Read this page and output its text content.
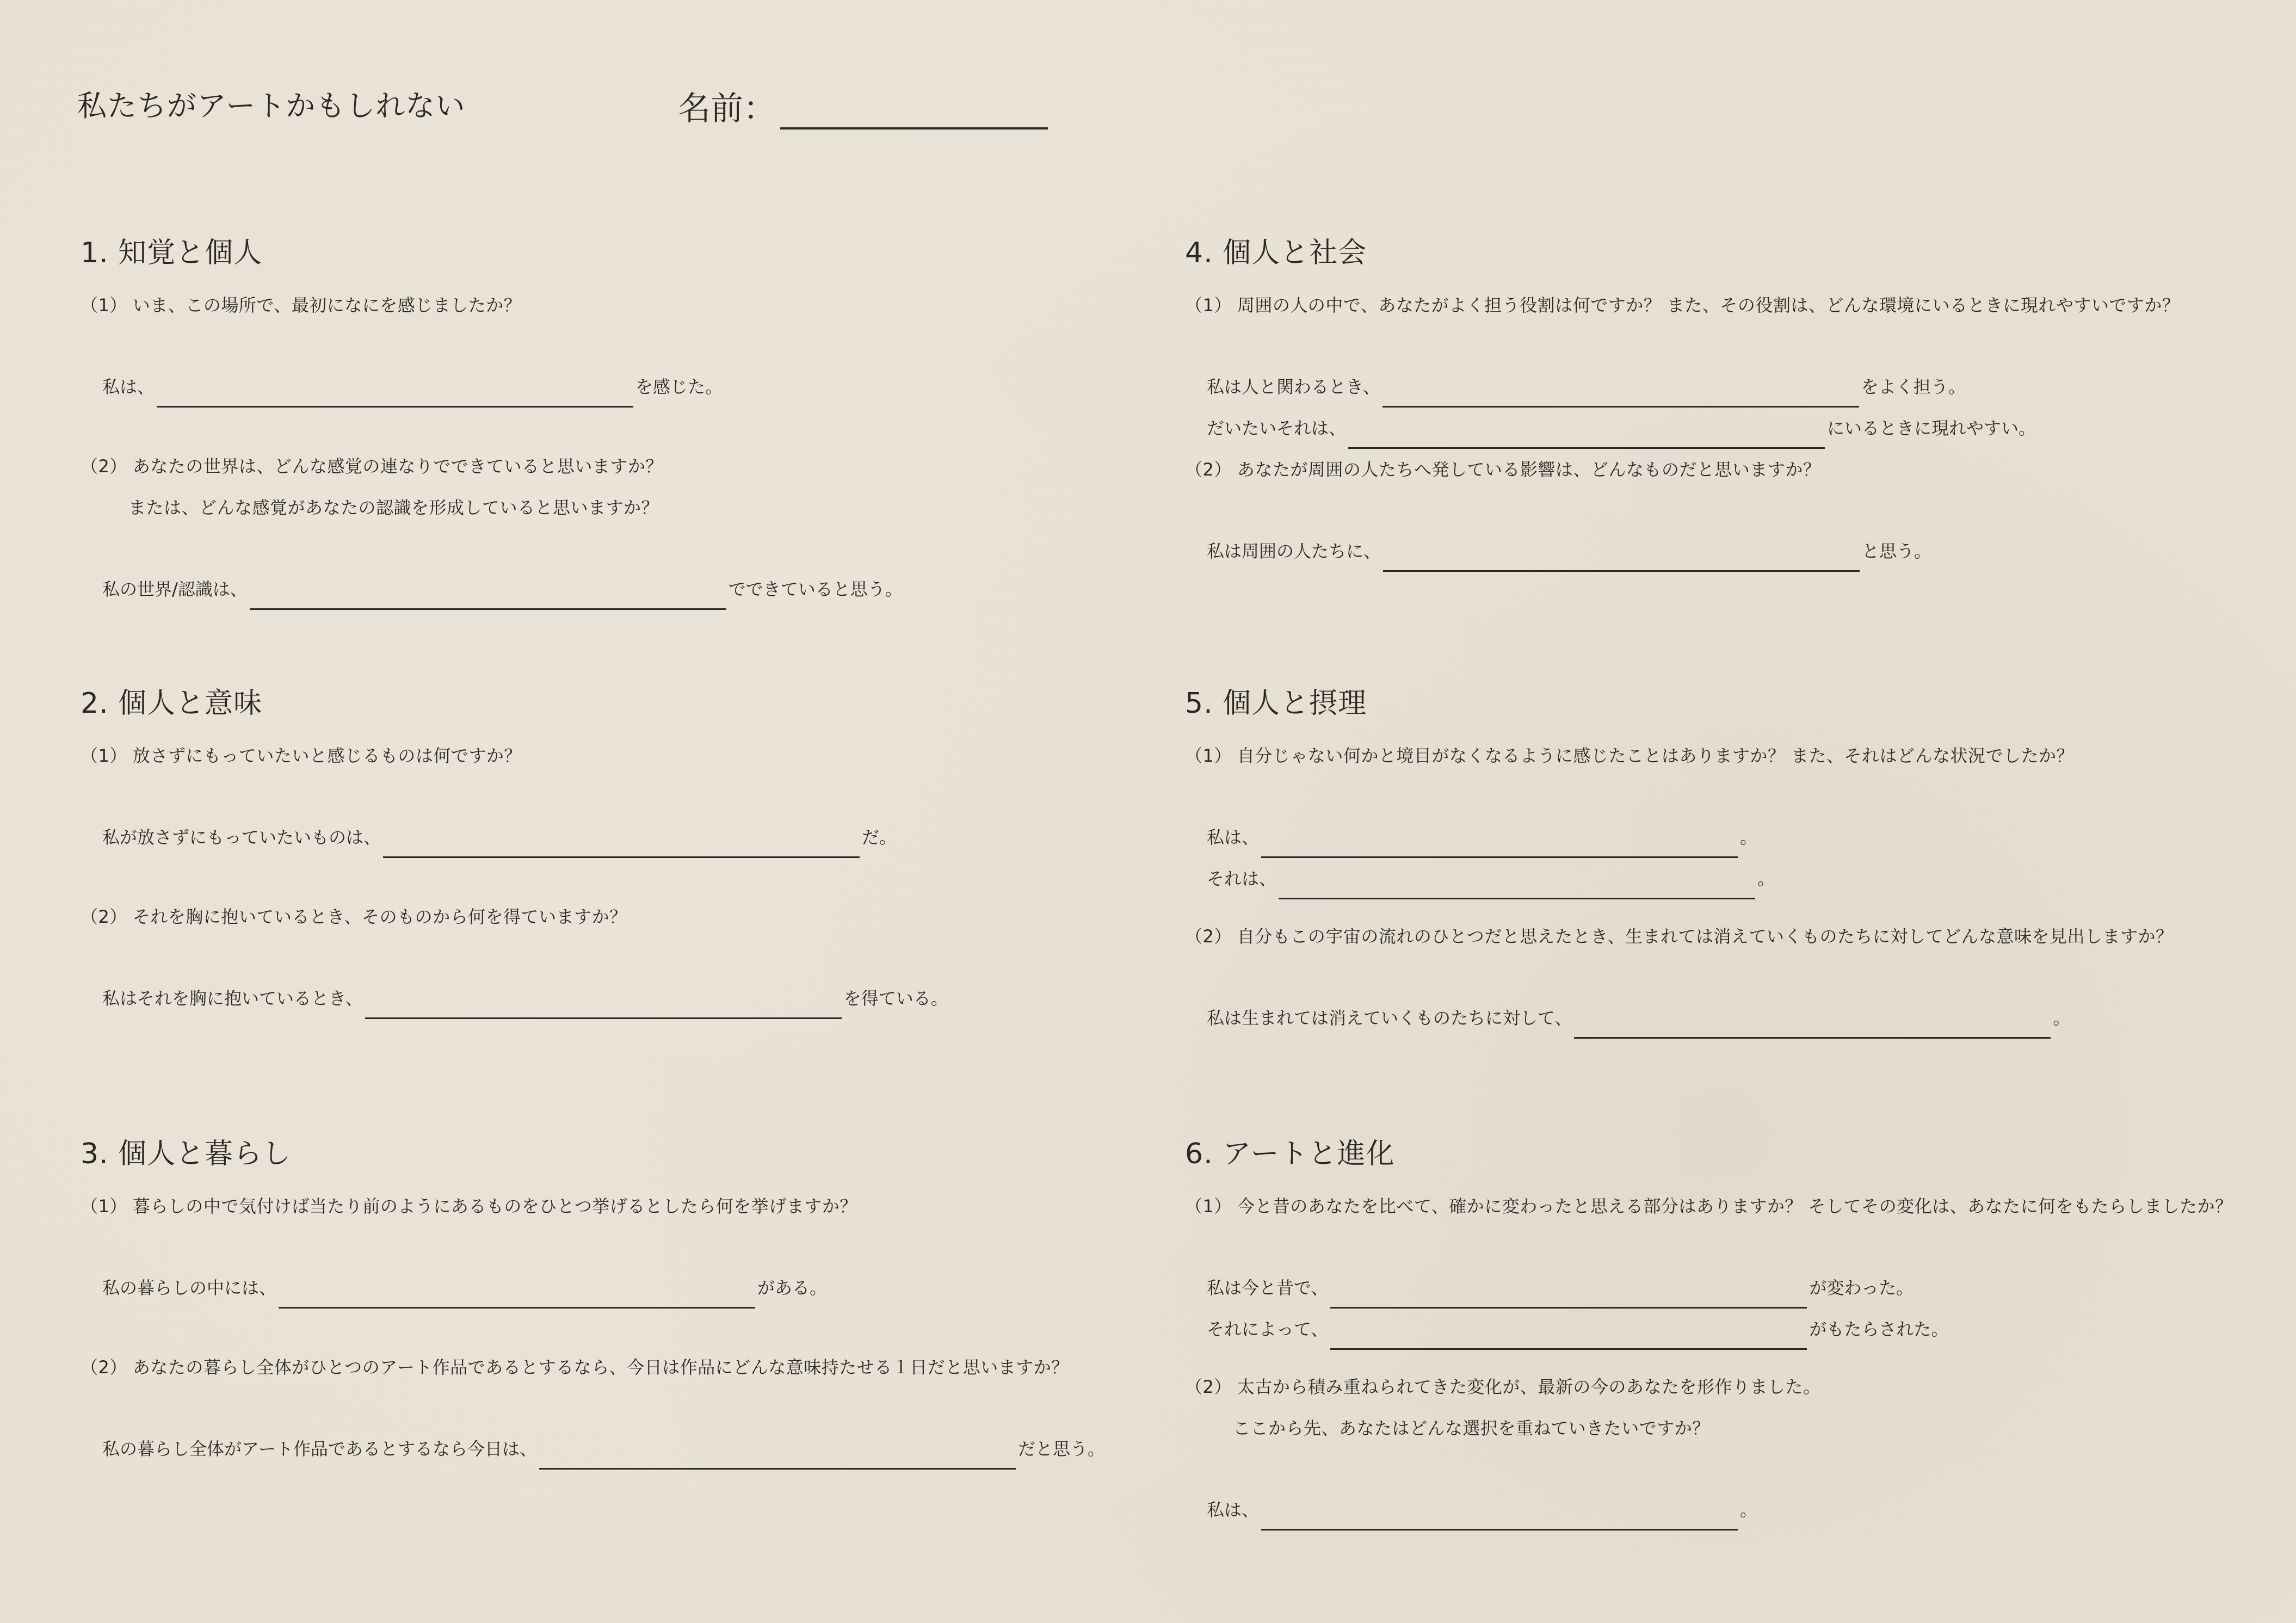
私たちがアートかもしれない	名前：
1. 知覚と個人
（1） いま、この場所で、最初になにを感じましたか？
私は、	を感じた。
（2） あなたの世界は、どんな感覚の連なりでできていると思いますか？
または、どんな感覚があなたの認識を形成していると思いますか？
私の世界/認識は、	でできていると思う。
2. 個人と意味
（1） 放さずにもっていたいと感じるものは何ですか？
私が放さずにもっていたいものは、	だ。
（2） それを胸に抱いているとき、そのものから何を得ていますか？
私はそれを胸に抱いているとき、	を得ている。
3. 個人と暮らし
（1） 暮らしの中で気付けば当たり前のようにあるものをひとつ挙げるとしたら何を挙げますか？
私の暮らしの中には、	がある。
（2） あなたの暮らし全体がひとつのアート作品であるとするなら、今日は作品にどんな意味持たせる１日だと思いますか？
私の暮らし全体がアート作品であるとするなら今日は、	だと思う。
4. 個人と社会
（1） 周囲の人の中で、あなたがよく担う役割は何ですか？ また、その役割は、どんな環境にいるときに現れやすいですか？
私は人と関わるとき、	をよく担う。
だいたいそれは、	にいるときに現れやすい。
（2） あなたが周囲の人たちへ発している影響は、どんなものだと思いますか？
私は周囲の人たちに、	と思う。
5. 個人と摂理
（1） 自分じゃない何かと境目がなくなるように感じたことはありますか？ また、それはどんな状況でしたか？
私は、	。
それは、	。
（2） 自分もこの宇宙の流れのひとつだと思えたとき、生まれては消えていくものたちに対してどんな意味を見出しますか？
私は生まれては消えていくものたちに対して、	。
6. アートと進化
（1） 今と昔のあなたを比べて、確かに変わったと思える部分はありますか？ そしてその変化は、あなたに何をもたらしましたか？
私は今と昔で、	が変わった。
それによって、	がもたらされた。
（2） 太古から積み重ねられてきた変化が、最新の今のあなたを形作りました。
ここから先、あなたはどんな選択を重ねていきたいですか？
私は、	。
